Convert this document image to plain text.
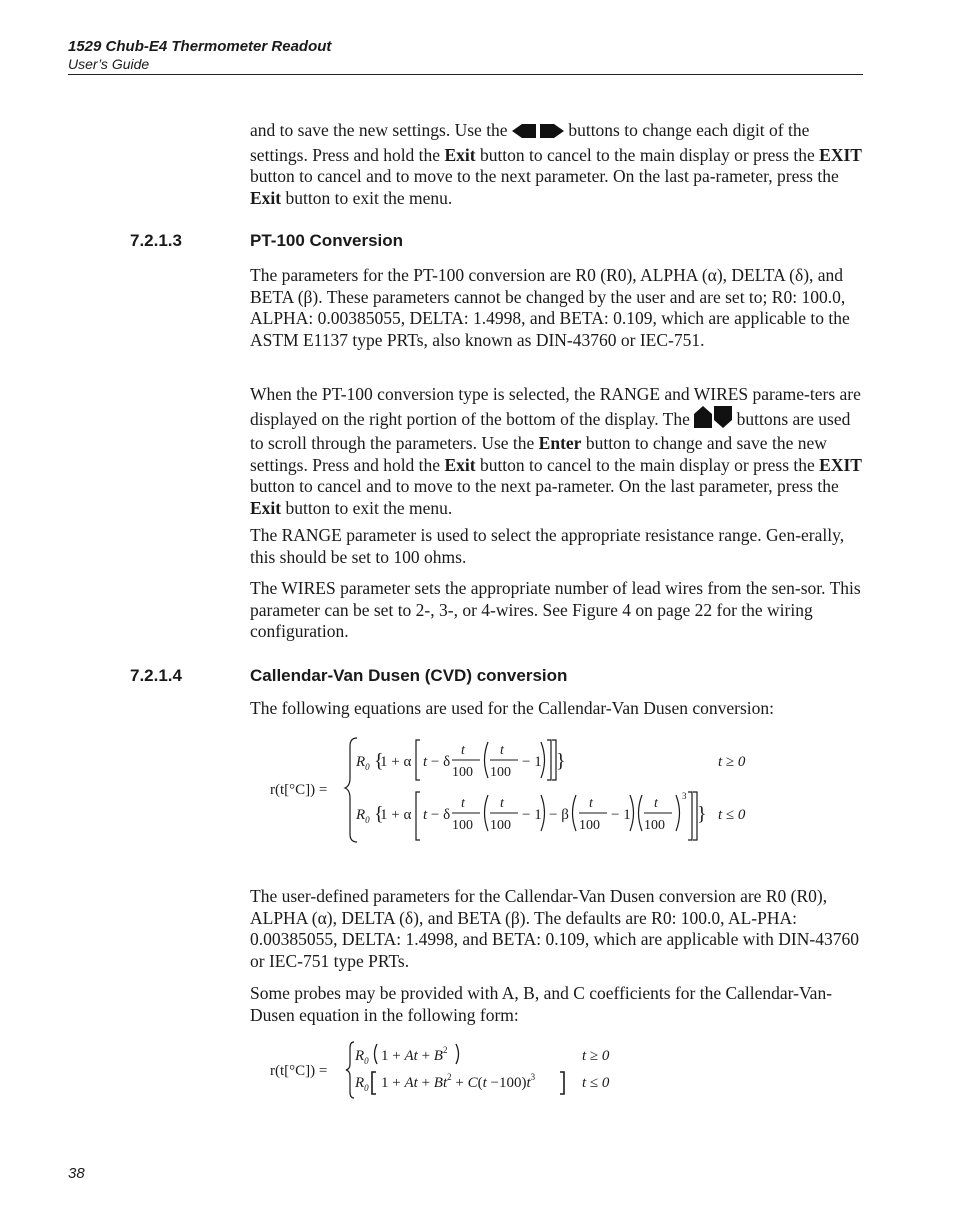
1529 Chub-E4 Thermometer Readout
User’s Guide

and to save the new settings. Use the	buttons to change each digit of the settings. Press and hold the Exit button to cancel to the main display or press the EXIT button to cancel and to move to the next parameter. On the last pa-rameter, press the Exit button to exit the menu.

7.2.1.3	PT-100 Conversion

The parameters for the PT-100 conversion are R0 (R0), ALPHA (α), DELTA (δ), and BETA (β). These parameters cannot be changed by the user and are set to; R0: 100.0, ALPHA: 0.00385055, DELTA: 1.4998, and BETA: 0.109, which are applicable to the ASTM E1137 type PRTs, also known as DIN-43760 or IEC-751.

When the PT-100 conversion type is selected, the RANGE and WIRES parame-ters are displayed on the right portion of the bottom of the display. The  buttons are used to scroll through the parameters. Use the Enter button to change and save the new settings. Press and hold the Exit button to cancel to the main display or press the EXIT button to cancel and to move to the next pa-rameter. On the last parameter, press the Exit button to exit the menu.

The RANGE parameter is used to select the appropriate resistance range. Gen-erally, this should be set to 100 ohms.

The WIRES parameter sets the appropriate number of lead wires from the sen-sor. This parameter can be set to 2-, 3-, or 4-wires. See Figure 4 on page 22 for the wiring configuration.

7.2.1.4	Callendar-Van Dusen (CVD) conversion

The following equations are used for the Callendar-Van Dusen conversion:

r(t[°C]) =
$R_0$
$R_0$
{
1 + α
{
1 + α
t − δ
t − δ
t
100
t
100
− 1 }
t
100
t
100
− 1 − β
t
100
− 1
t
100
3
}
t ≥ 0
t ≤ 0

The user-defined parameters for the Callendar-Van Dusen conversion are R0 (R0), ALPHA (α), DELTA (δ), and BETA (β). The defaults are R0: 100.0, AL-PHA: 0.00385055, DELTA: 1.4998, and BETA: 0.109, which are applicable with DIN-43760 or IEC-751 type PRTs.

Some probes may be provided with A, B, and C coefficients for the Callendar-Van-Dusen equation in the following form:

r(t[°C]) =
$R_0$ $1 + At + B^2$
$R_0$ $1 + At + Bt^2 + C(t -100)t^3$
t ≥ 0
t ≤ 0
38
